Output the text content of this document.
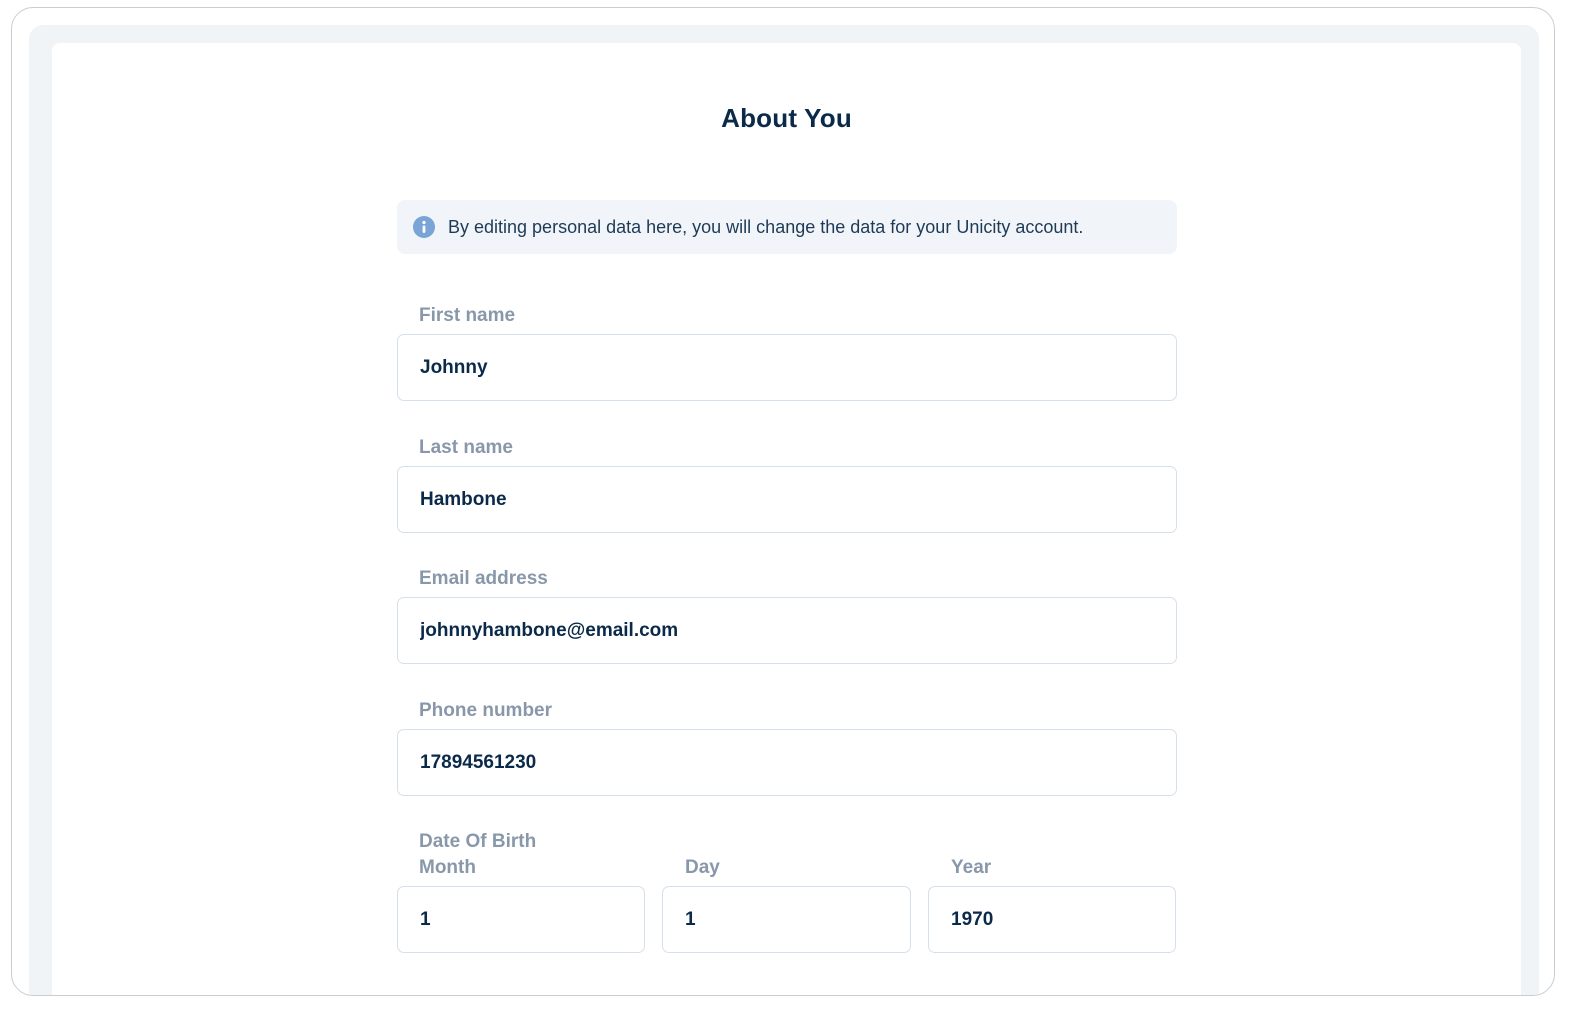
About You
By editing personal data here, you will change the data for your Unicity account.
First name
Johnny
Last name
Hambone
Email address
johnnyhambone@email.com
Phone number
17894561230
Date Of Birth
Month	Day	Year
1
1
1970
